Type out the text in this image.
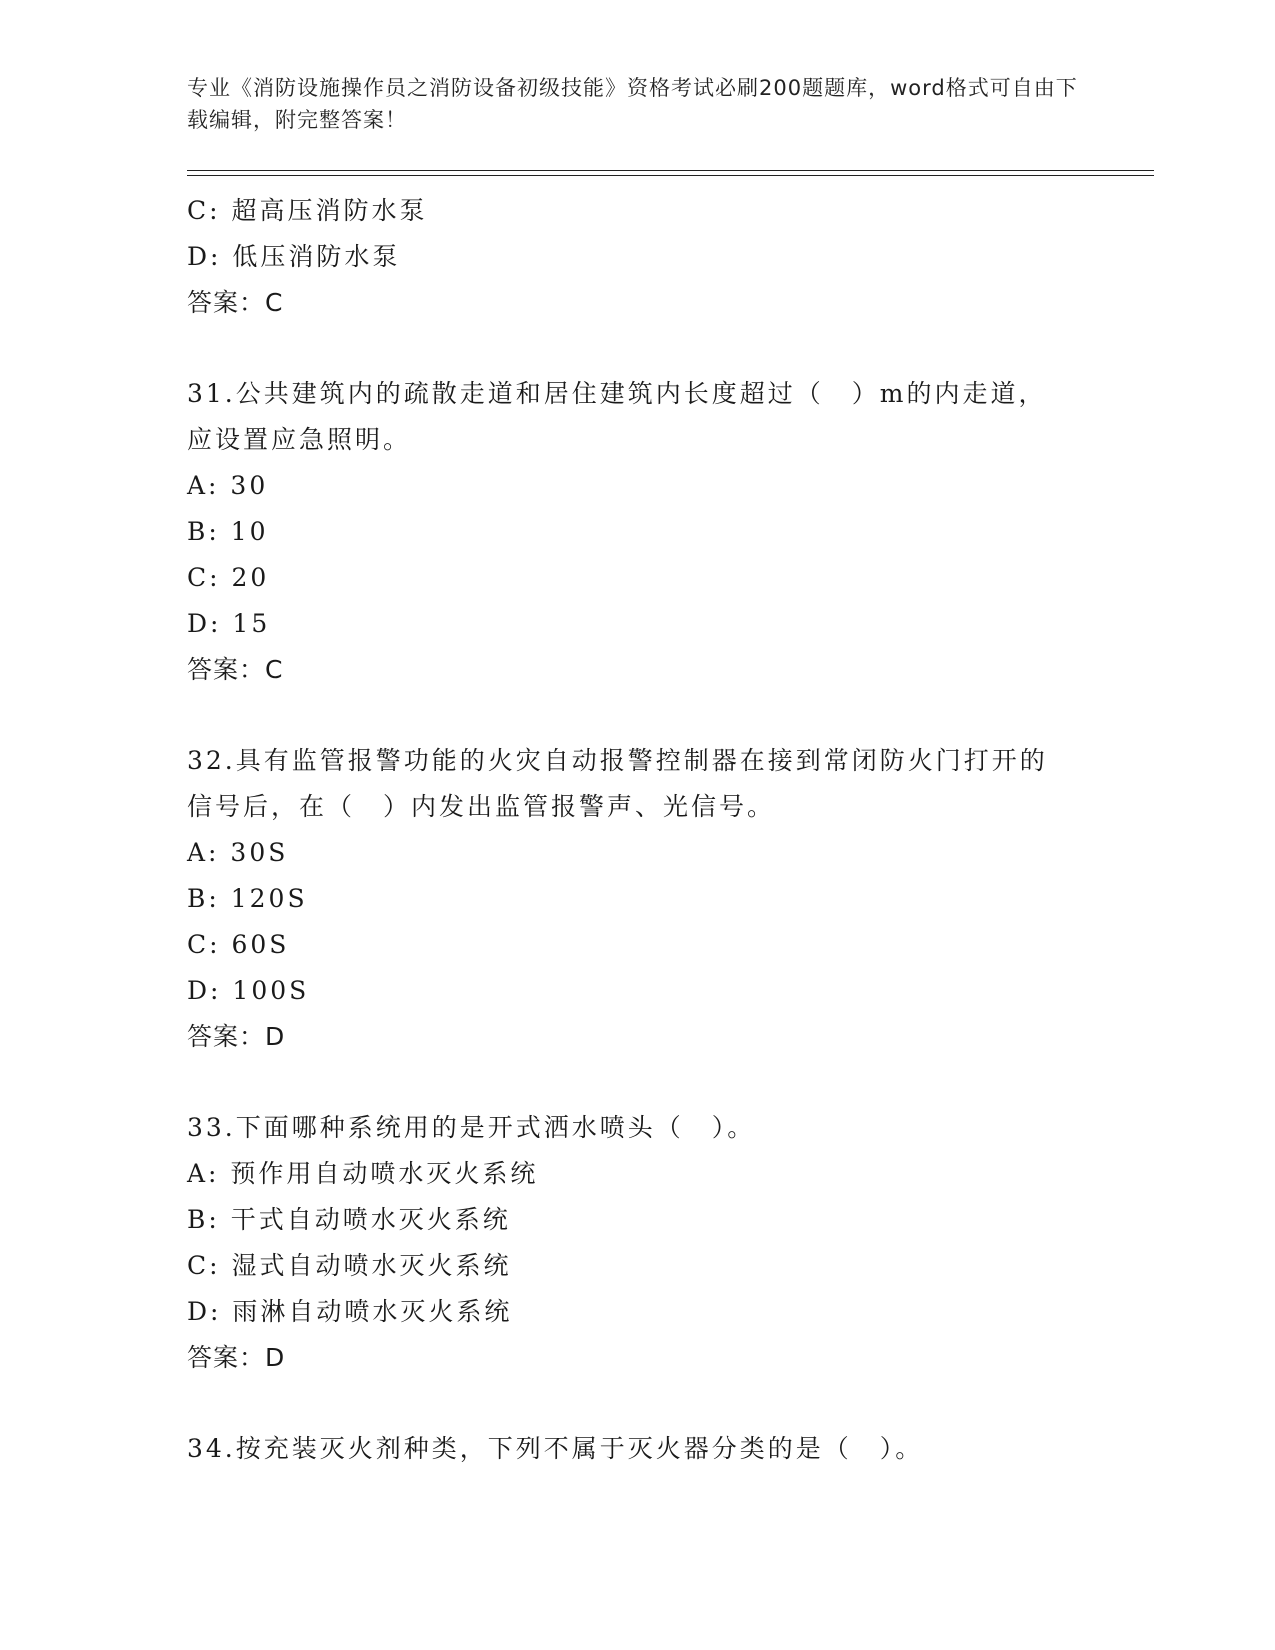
专业《消防设施操作员之消防设备初级技能》资格考试必刷200题题库，word格式可自由下载编辑，附完整答案！
C: 超高压消防水泵
D: 低压消防水泵
答案：C
31.公共建筑内的疏散走道和居住建筑内长度超过（　）m的内走道，
应设置应急照明。
A: 30
B: 10
C: 20
D: 15
答案：C
32.具有监管报警功能的火灾自动报警控制器在接到常闭防火门打开的
信号后，在（　）内发出监管报警声、光信号。
A: 30S
B: 120S
C: 60S
D: 100S
答案：D
33.下面哪种系统用的是开式洒水喷头（　）。
A: 预作用自动喷水灭火系统
B: 干式自动喷水灭火系统
C: 湿式自动喷水灭火系统
D: 雨淋自动喷水灭火系统
答案：D
34.按充装灭火剂种类，下列不属于灭火器分类的是（　）。
